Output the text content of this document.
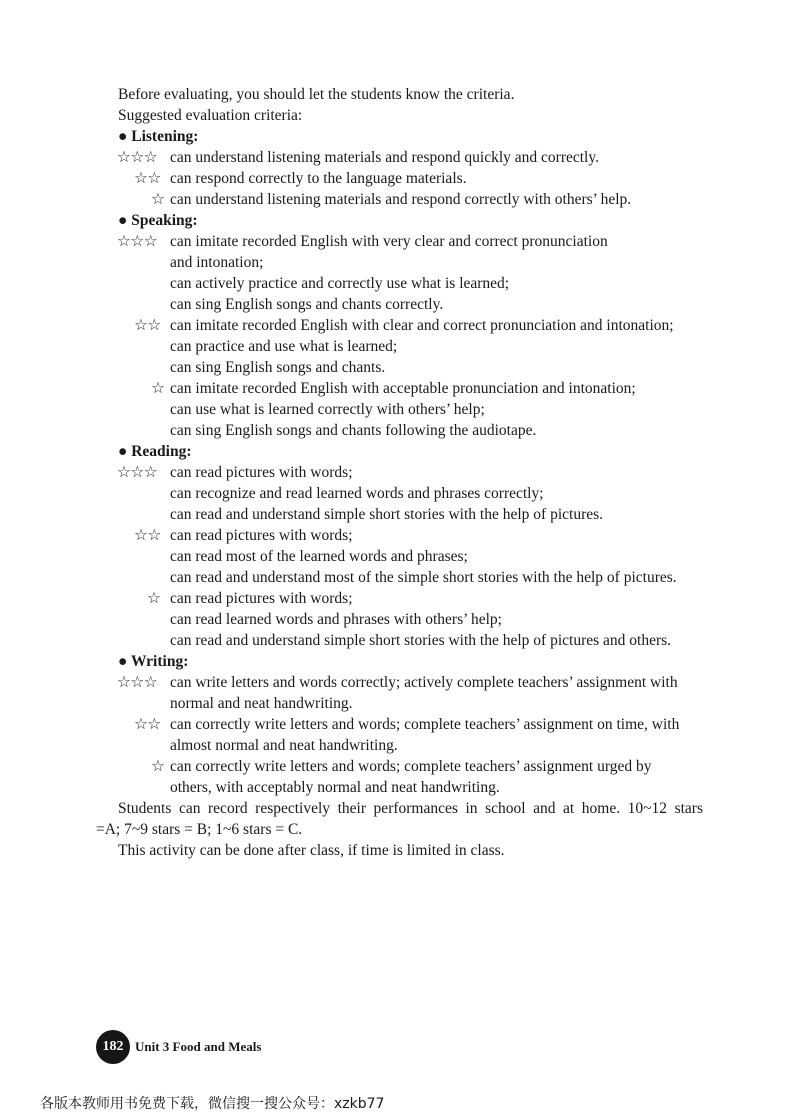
Before evaluating, you should let the students know the criteria.
Suggested evaluation criteria:
● Listening:
☆☆☆ can understand listening materials and respond quickly and correctly.
☆☆ can respond correctly to the language materials.
☆ can understand listening materials and respond correctly with others’ help.
● Speaking:
☆☆☆ can imitate recorded English with very clear and correct pronunciation
and intonation;
can actively practice and correctly use what is learned;
can sing English songs and chants correctly.
☆☆ can imitate recorded English with clear and correct pronunciation and intonation;
can practice and use what is learned;
can sing English songs and chants.
☆ can imitate recorded English with acceptable pronunciation and intonation;
can use what is learned correctly with others’ help;
can sing English songs and chants following the audiotape.
● Reading:
☆☆☆ can read pictures with words;
can recognize and read learned words and phrases correctly;
can read and understand simple short stories with the help of pictures.
☆☆ can read pictures with words;
can read most of the learned words and phrases;
can read and understand most of the simple short stories with the help of pictures.
☆ can read pictures with words;
can read learned words and phrases with others’ help;
can read and understand simple short stories with the help of pictures and others.
● Writing:
☆☆☆ can write letters and words correctly; actively complete teachers’ assignment with
normal and neat handwriting.
☆☆ can correctly write letters and words; complete teachers’ assignment on time, with
almost normal and neat handwriting.
☆ can correctly write letters and words; complete teachers’ assignment urged by
others, with acceptably normal and neat handwriting.
Students can record respectively their performances in school and at home. 10~12 stars
=A; 7~9 stars = B; 1~6 stars = C.
This activity can be done after class, if time is limited in class.
182 Unit 3 Food and Meals
各版本教师用书免费下载，微信搜一搜公众号：xzkb77
